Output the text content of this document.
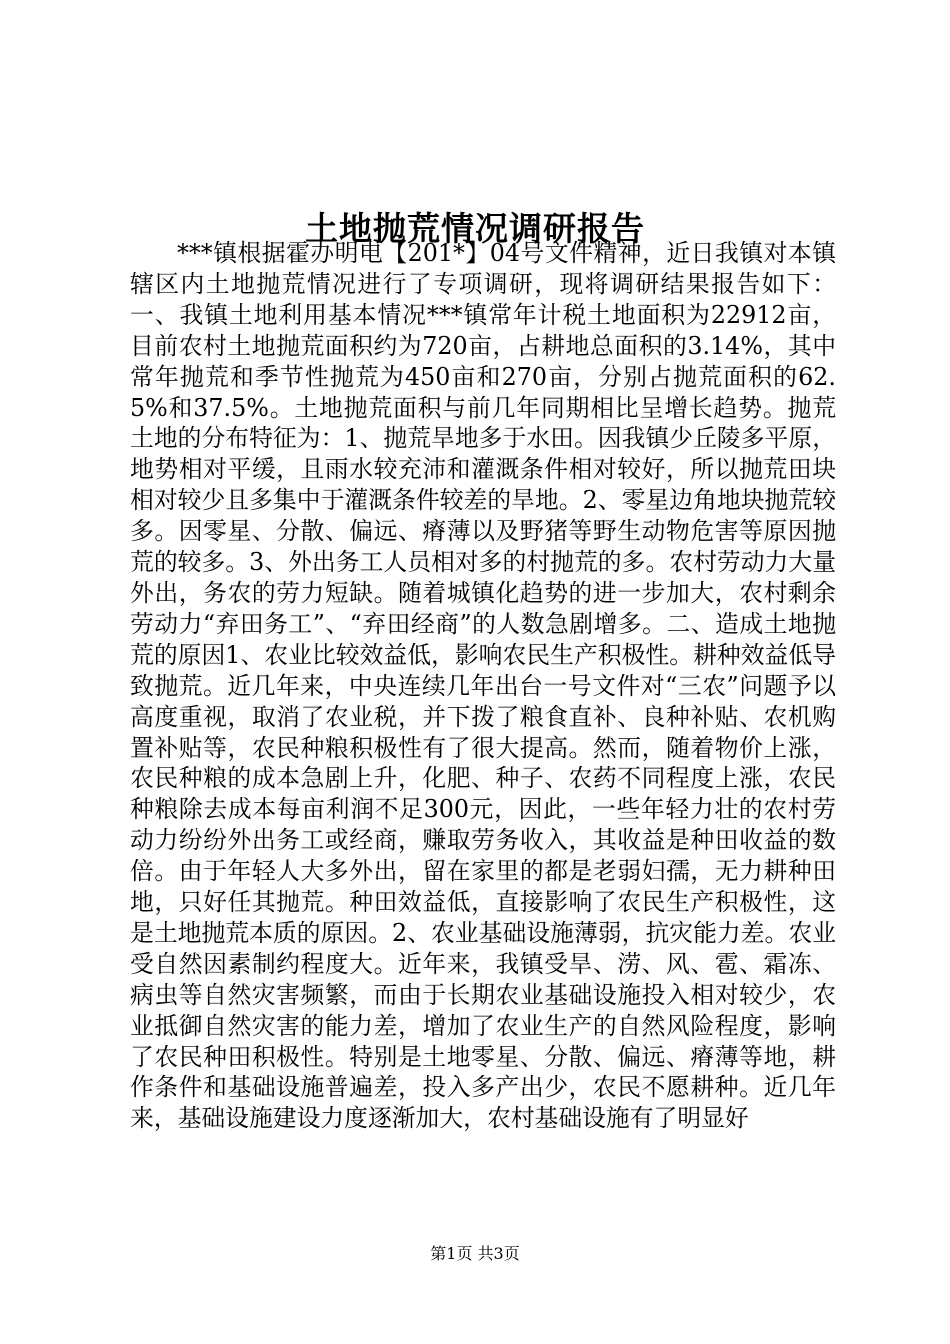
土地抛荒情况调研报告

***镇根据霍办明电【201*】04号文件精神，近日我镇对本镇辖区内土地抛荒情况进行了专项调研，现将调研结果报告如下：一、我镇土地利用基本情况***镇常年计税土地面积为22912亩，目前农村土地抛荒面积约为720亩，占耕地总面积的3.14%，其中常年抛荒和季节性抛荒为450亩和270亩，分别占抛荒面积的62.5%和37.5%。土地抛荒面积与前几年同期相比呈增长趋势。抛荒土地的分布特征为：1、抛荒旱地多于水田。因我镇少丘陵多平原，地势相对平缓，且雨水较充沛和灌溉条件相对较好，所以抛荒田块相对较少且多集中于灌溉条件较差的旱地。2、零星边角地块抛荒较多。因零星、分散、偏远、瘠薄以及野猪等野生动物危害等原因抛荒的较多。3、外出务工人员相对多的村抛荒的多。农村劳动力大量外出，务农的劳力短缺。随着城镇化趋势的进一步加大，农村剩余劳动力“弃田务工”、“弃田经商”的人数急剧增多。二、造成土地抛荒的原因1、农业比较效益低，影响农民生产积极性。耕种效益低导致抛荒。近几年来，中央连续几年出台一号文件对“三农”问题予以高度重视，取消了农业税，并下拨了粮食直补、良种补贴、农机购置补贴等，农民种粮积极性有了很大提高。然而，随着物价上涨，农民种粮的成本急剧上升，化肥、种子、农药不同程度上涨，农民种粮除去成本每亩利润不足300元，因此，一些年轻力壮的农村劳动力纷纷外出务工或经商，赚取劳务收入，其收益是种田收益的数倍。由于年轻人大多外出，留在家里的都是老弱妇孺，无力耕种田地，只好任其抛荒。种田效益低，直接影响了农民生产积极性，这是土地抛荒本质的原因。2、农业基础设施薄弱，抗灾能力差。农业受自然因素制约程度大。近年来，我镇受旱、涝、风、雹、霜冻、病虫等自然灾害频繁，而由于长期农业基础设施投入相对较少，农业抵御自然灾害的能力差，增加了农业生产的自然风险程度，影响了农民种田积极性。特别是土地零星、分散、偏远、瘠薄等地，耕作条件和基础设施普遍差，投入多产出少，农民不愿耕种。近几年来，基础设施建设力度逐渐加大，农村基础设施有了明显好

第1页 共3页
